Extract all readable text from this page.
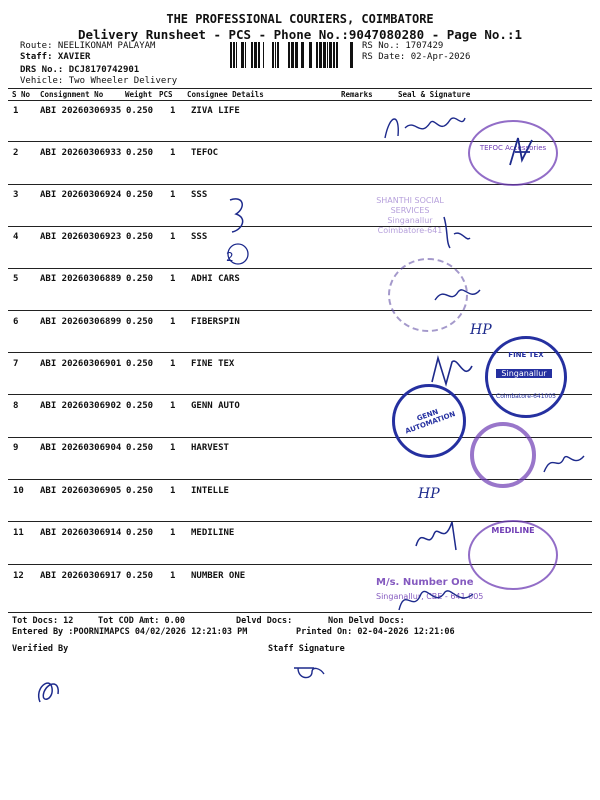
THE PROFESSIONAL COURIERS, COIMBATORE
Delivery Runsheet - PCS - Phone No.:9047080280 - Page No.:1
Route: NEELIKONAM PALAYAM
Staff: XAVIER
DRS No.: DCJ8170742901
Vehicle: Two Wheeler Delivery
RS No.: 1707429
RS Date: 02-Apr-2026
S No Consignment No	Weight PCS Consignee Details	Remarks	Seal & Signature
1 ABI 20260306935 0.250 1 ZIVA LIFE
2 ABI 20260306933 0.250 1 TEFOC
3 ABI 20260306924 0.250 1 SSS
4 ABI 20260306923 0.250 1 SSS
5 ABI 20260306889 0.250 1 ADHI CARS
6 ABI 20260306899 0.250 1 FIBERSPIN
7 ABI 20260306901 0.250 1 FINE TEX
8 ABI 20260306902 0.250 1 GENN AUTO
9 ABI 20260306904 0.250 1 HARVEST
10 ABI 20260306905 0.250 1 INTELLE
11 ABI 20260306914 0.250 1 MEDILINE
12 ABI 20260306917 0.250 1 NUMBER ONE
TEFOC Accessories
SHANTHI SOCIAL
SERVICES
Singanallur
Coimbatore-641
2
HP
HP
FINE TEX
Singanallur
Coimbatore-641005
GENN AUTOMATION
MEDILINE
M/s. Number One
Singanallur, CBE - 641 005
Tot Docs: 12	Tot COD Amt: 0.00	Delvd Docs:	Non Delvd Docs:
Entered By :POORNIMAPCS 04/02/2026 12:21:03 PM	Printed On: 02-04-2026 12:21:06
Verified By	Staff Signature
